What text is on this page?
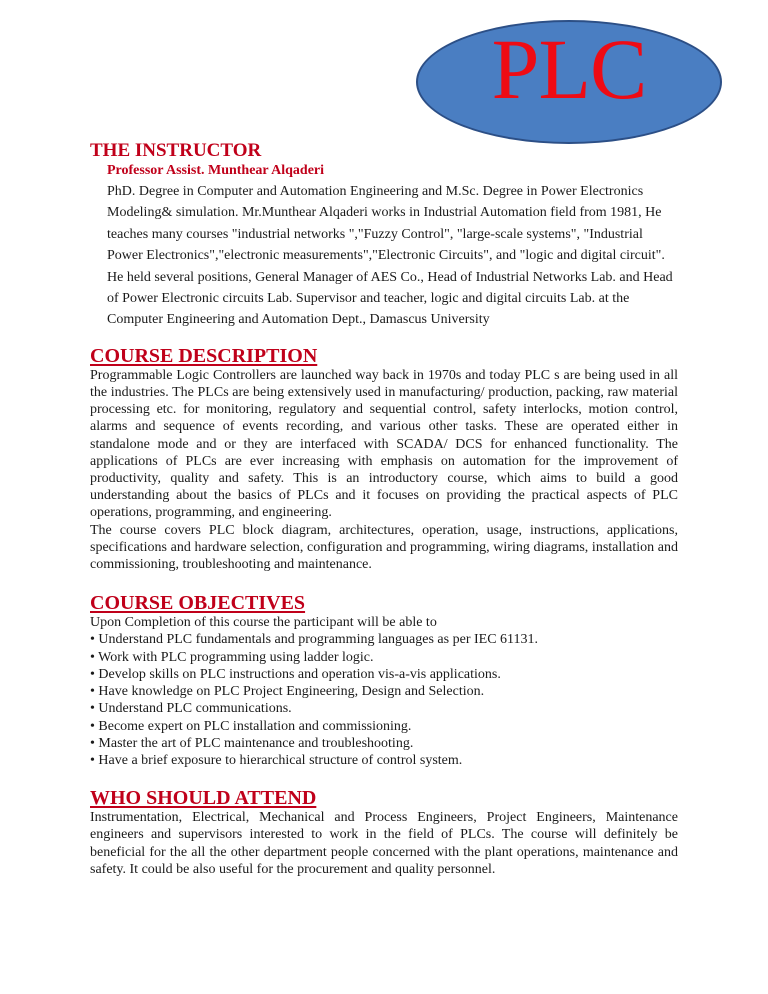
PLC
THE INSTRUCTOR
Professor Assist. Munthear Alqaderi
PhD. Degree in Computer and Automation Engineering and M.Sc. Degree in Power Electronics Modeling& simulation. Mr.Munthear Alqaderi works in Industrial Automation field from 1981, He teaches many courses "industrial networks ","Fuzzy Control", "large-scale systems", "Industrial Power Electronics","electronic measurements","Electronic Circuits", and "logic and digital circuit". He held several positions, General Manager of AES Co., Head of Industrial Networks Lab. and Head of Power Electronic circuits Lab. Supervisor and teacher, logic and digital circuits Lab. at the Computer Engineering and Automation Dept., Damascus University
COURSE DESCRIPTION
Programmable Logic Controllers are launched way back in 1970s and today PLC s are being used in all the industries. The PLCs are being extensively used in manufacturing/ production, packing, raw material processing etc. for monitoring, regulatory and sequential control, safety interlocks, motion control, alarms and sequence of events recording, and various other tasks. These are operated either in standalone mode and or they are interfaced with SCADA/ DCS for enhanced functionality. The applications of PLCs are ever increasing with emphasis on automation for the improvement of productivity, quality and safety. This is an introductory course, which aims to build a good understanding about the basics of PLCs and it focuses on providing the practical aspects of PLC operations, programming, and engineering.
The course covers PLC block diagram, architectures, operation, usage, instructions, applications, specifications and hardware selection, configuration and programming, wiring diagrams, installation and commissioning, troubleshooting and maintenance.
COURSE OBJECTIVES
Upon Completion of this course the participant will be able to
• Understand PLC fundamentals and programming languages as per IEC 61131.
• Work with PLC programming using ladder logic.
• Develop skills on PLC instructions and operation vis-a-vis applications.
• Have knowledge on PLC Project Engineering, Design and Selection.
• Understand PLC communications.
• Become expert on PLC installation and commissioning.
• Master the art of PLC maintenance and troubleshooting.
• Have a brief exposure to hierarchical structure of control system.
WHO SHOULD ATTEND
Instrumentation, Electrical, Mechanical and Process Engineers, Project Engineers, Maintenance engineers and supervisors interested to work in the field of PLCs. The course will definitely be beneficial for the all the other department people concerned with the plant operations, maintenance and safety. It could be also useful for the procurement and quality personnel.
